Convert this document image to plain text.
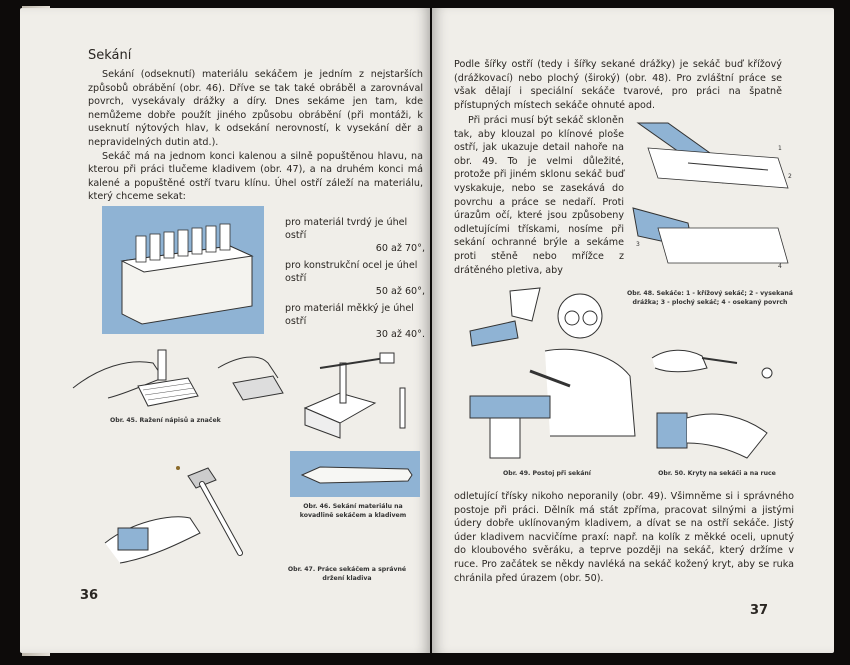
Sekání

Sekání (odseknutí) materiálu sekáčem je jedním z nejstarších způsobů obrábění (obr. 46). Dříve se tak také obráběl a zarovnával povrch, vysekávaly drážky a díry. Dnes sekáme jen tam, kde nemůžeme dobře použít jiného způsobu obrábění (při montáži, k useknutí nýtových hlav, k odsekání nerovností, k vysekání děr a nepravidelných dutin atd.).

Sekáč má na jednom konci kalenou a silně popuštěnou hlavu, na kterou při práci tlučeme kladivem (obr. 47), a na druhém konci má kalené a popuštěné ostří tvaru klínu. Úhel ostří záleží na materiálu, který chceme sekat:

pro materiál tvrdý je úhel ostří
60 až 70°,
pro konstrukční ocel je úhel ostří
50 až 60°,
pro materiál měkký je úhel ostří
30 až 40°.
Obr. 45. Ražení nápisů a značek
Obr. 46. Sekání materiálu na kovadlině sekáčem a kladivem
Obr. 47. Práce sekáčem a správné držení kladiva
36

Podle šířky ostří (tedy i šířky sekané drážky) je sekáč buď křížový (drážkovací) nebo plochý (široký) (obr. 48). Pro zvláštní práce se však dělají i speciální sekáče tvarové, pro práci na špatně přístupných místech sekáče ohnuté apod.

Při práci musí být sekáč skloněn tak, aby klouzal po klínové ploše ostří, jak ukazuje detail nahoře na obr. 49. To je velmi důležité, protože při jiném sklonu sekáč buď vyskakuje, nebo se zasekává do povrchu a práce se nedaří. Proti úrazům očí, které jsou způsobeny odletujícími třískami, nosíme při sekání ochranné brýle a sekáme proti stěně nebo mřížce z drátěného pletiva, aby

1
2
3
4
Obr. 48. Sekáče: 1 - křížový sekáč; 2 - vysekaná drážka; 3 - plochý sekáč; 4 - osekaný povrch
Obr. 49. Postoj při sekání	Obr. 50. Kryty na sekáči a na ruce

odletující třísky nikoho neporanily (obr. 49). Všimněme si i správného postoje při práci. Dělník má stát zpříma, pracovat silnými a jistými údery dobře uklínovaným kladivem, a dívat se na ostří sekáče. Jistý úder kladivem nacvičíme praxí: např. na kolík z měkké oceli, upnutý do kloubového svěráku, a teprve později na sekáč, který držíme v ruce. Pro začátek se někdy navléká na sekáč kožený kryt, aby se ruka chránila před úrazem (obr. 50).

37
